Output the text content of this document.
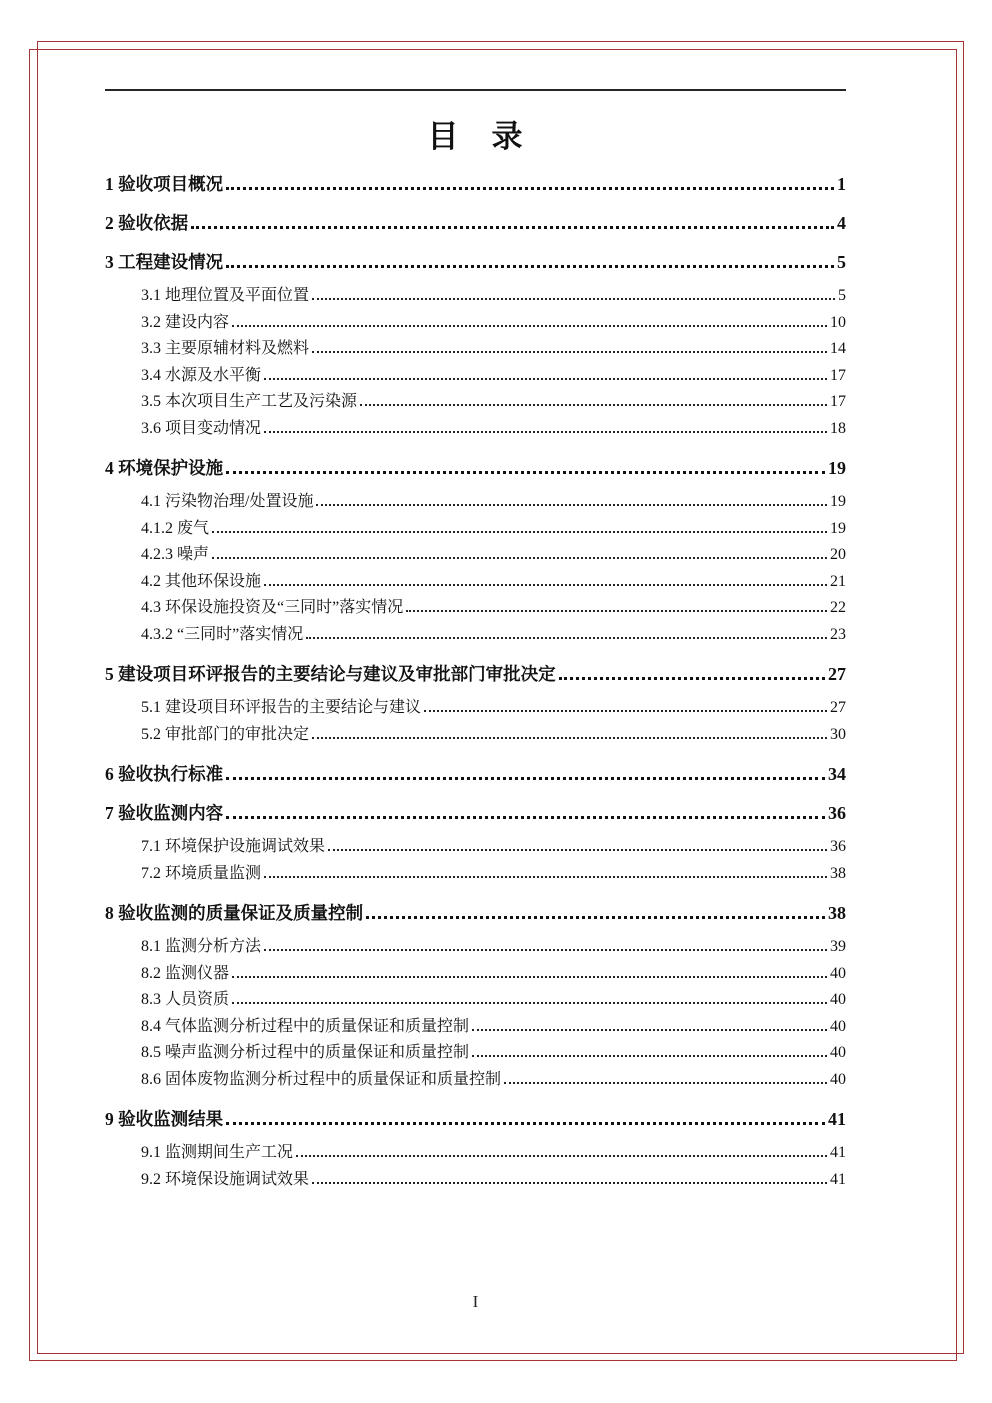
目　录
1 验收项目概况	1
2 验收依据	4
3 工程建设情况	5
3.1 地理位置及平面位置	5
3.2 建设内容	10
3.3 主要原辅材料及燃料	14
3.4 水源及水平衡	17
3.5 本次项目生产工艺及污染源	17
3.6 项目变动情况	18
4 环境保护设施	19
4.1 污染物治理/处置设施	19
4.1.2 废气	19
4.2.3 噪声	20
4.2 其他环保设施	21
4.3 环保设施投资及“三同时”落实情况	22
4.3.2 “三同时”落实情况	23
5 建设项目环评报告的主要结论与建议及审批部门审批决定	27
5.1 建设项目环评报告的主要结论与建议	27
5.2 审批部门的审批决定	30
6 验收执行标准	34
7 验收监测内容	36
7.1 环境保护设施调试效果	36
7.2 环境质量监测	38
8 验收监测的质量保证及质量控制	38
8.1 监测分析方法	39
8.2 监测仪器	40
8.3 人员资质	40
8.4 气体监测分析过程中的质量保证和质量控制	40
8.5 噪声监测分析过程中的质量保证和质量控制	40
8.6 固体废物监测分析过程中的质量保证和质量控制	40
9 验收监测结果	41
9.1 监测期间生产工况	41
9.2 环境保设施调试效果	41
I
